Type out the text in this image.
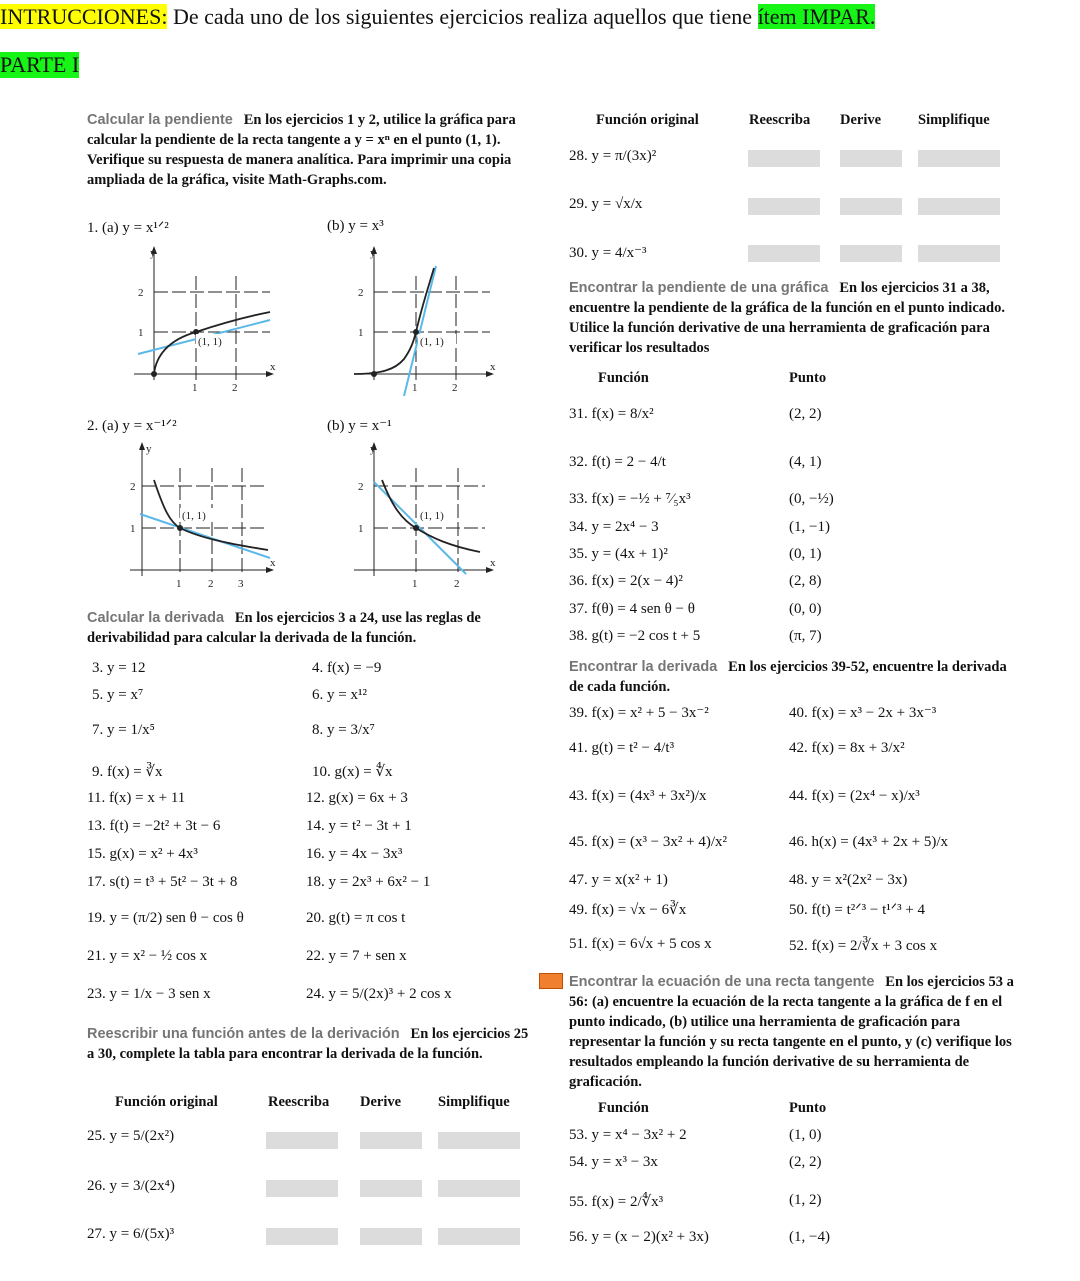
INTRUCCIONES: De cada uno de los siguientes ejercicios realiza aquellos que tiene ítem IMPAR.
PARTE I
Calcular la pendiente En los ejercicios 1 y 2, utilice la gráfica para calcular la pendiente de la recta tangente a y = xⁿ en el punto (1, 1). Verifique su respuesta de manera analítica. Para imprimir una copia ampliada de la gráfica, visite Math-Graphs.com.
1. (a) y = x¹ᐟ²	(b) y = x³
(1, 1)
y
x
2
1
1	2
(1, 1)
y
x
2
1
1	2
2. (a) y = x⁻¹ᐟ²	(b) y = x⁻¹
(1, 1)
y
x
2
1
1 2 3
(1, 1)
y
x
2
1
1	2
Calcular la derivada En los ejercicios 3 a 24, use las reglas de derivabilidad para calcular la derivada de la función.
3. y = 12	4. f(x) = −9
5. y = x⁷	6. y = x¹²
7. y = 1/x⁵	8. y = 3/x⁷
9. f(x) = ∛x	10. g(x) = ∜x
11. f(x) = x + 11	12. g(x) = 6x + 3
13. f(t) = −2t² + 3t − 6	14. y = t² − 3t + 1
15. g(x) = x² + 4x³	16. y = 4x − 3x³
17. s(t) = t³ + 5t² − 3t + 8	18. y = 2x³ + 6x² − 1
19. y = (π/2) sen θ − cos θ	20. g(t) = π cos t
21. y = x² − ½ cos x	22. y = 7 + sen x
23. y = 1/x − 3 sen x	24. y = 5/(2x)³ + 2 cos x
Reescribir una función antes de la derivación En los ejercicios 25 a 30, complete la tabla para encontrar la derivada de la función.
Función original	Reescriba Derive	Simplifique
25. y = 5/(2x²)
26. y = 3/(2x⁴)
27. y = 6/(5x)³
Función original	Reescriba Derive	Simplifique
28. y = π/(3x)²
29. y = √x/x
30. y = 4/x⁻³
Encontrar la pendiente de una gráfica En los ejercicios 31 a 38, encuentre la pendiente de la gráfica de la función en el punto indicado. Utilice la función derivative de una herramienta de graficación para verificar los resultados
Función	Punto
31. f(x) = 8/x²	(2, 2)
32. f(t) = 2 − 4/t	(4, 1)
33. f(x) = −½ + ⁷⁄₅x³	(0, −½)
34. y = 2x⁴ − 3	(1, −1)
35. y = (4x + 1)²	(0, 1)
36. f(x) = 2(x − 4)²	(2, 8)
37. f(θ) = 4 sen θ − θ	(0, 0)
38. g(t) = −2 cos t + 5	(π, 7)
Encontrar la derivada En los ejercicios 39-52, encuentre la derivada de cada función.
39. f(x) = x² + 5 − 3x⁻²	40. f(x) = x³ − 2x + 3x⁻³
41. g(t) = t² − 4/t³	42. f(x) = 8x + 3/x²
43. f(x) = (4x³ + 3x²)/x	44. f(x) = (2x⁴ − x)/x³
45. f(x) = (x³ − 3x² + 4)/x²	46. h(x) = (4x³ + 2x + 5)/x
47. y = x(x² + 1)	48. y = x²(2x² − 3x)
49. f(x) = √x − 6∛x	50. f(t) = t²ᐟ³ − t¹ᐟ³ + 4
51. f(x) = 6√x + 5 cos x	52. f(x) = 2/∛x + 3 cos x
Encontrar la ecuación de una recta tangente En los ejercicios 53 a 56: (a) encuentre la ecuación de la recta tangente a la gráfica de f en el punto indicado, (b) utilice una herramienta de graficación para representar la función y su recta tangente en el punto, y (c) verifique los resultados empleando la función derivative de su herramienta de graficación.
Función	Punto
53. y = x⁴ − 3x² + 2	(1, 0)
54. y = x³ − 3x	(2, 2)
55. f(x) = 2/∜x³	(1, 2)
56. y = (x − 2)(x² + 3x)	(1, −4)
